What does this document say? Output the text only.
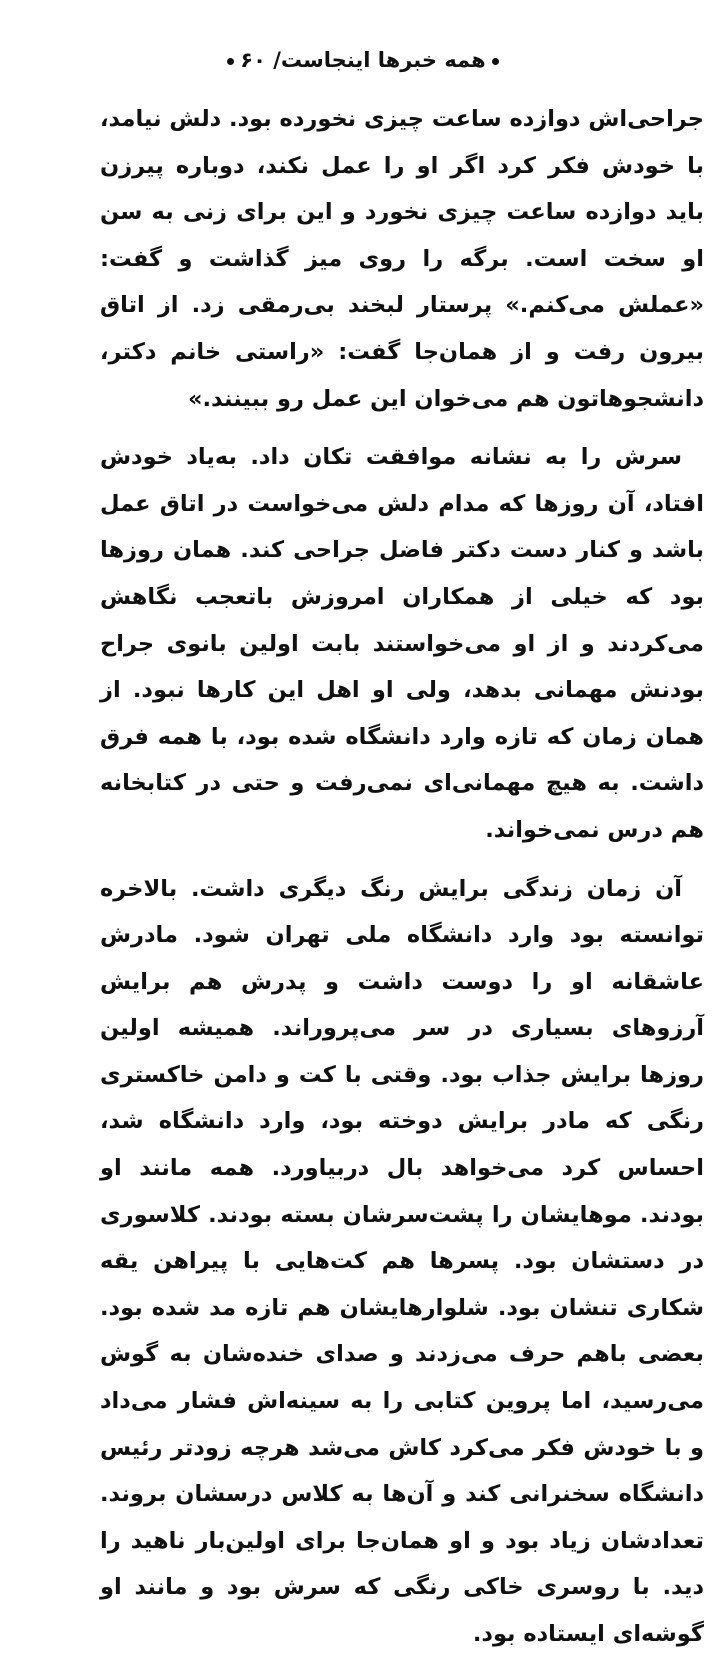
همه خبرها اینجاست/ ۶۰

جراحی‌اش دوازده ساعت چیزی نخورده بود. دلش نیامد، با خودش فکر کرد اگر او را عمل نکند، دوباره پیرزن باید دوازده ساعت چیزی نخورد و این برای زنی به سن او سخت است. برگه را روی میز گذاشت و گفت: «عملش می‌کنم.» پرستار لبخند بی‌رمقی زد. از اتاق بیرون رفت و از همان‌جا گفت: «راستی خانم دکتر، دانشجوهاتون هم می‌خوان این عمل رو ببینند.»

سرش را به نشانه موافقت تکان داد. به‌یاد خودش افتاد، آن روزها که مدام دلش می‌خواست در اتاق عمل باشد و کنار دست دکتر فاضل جراحی کند. همان روزها بود که خیلی از همکاران امروزش باتعجب نگاهش می‌کردند و از او می‌خواستند بابت اولین بانوی جراح بودنش مهمانی بدهد، ولی او اهل این کارها نبود. از همان زمان که تازه وارد دانشگاه شده بود، با همه فرق داشت. به هیچ مهمانی‌ای نمی‌رفت و حتی در کتابخانه هم درس نمی‌خواند.

آن زمان زندگی برایش رنگ دیگری داشت. بالاخره توانسته بود وارد دانشگاه ملی تهران شود. مادرش عاشقانه او را دوست داشت و پدرش هم برایش آرزوهای بسیاری در سر می‌پروراند. همیشه اولین روزها برایش جذاب بود. وقتی با کت و دامن خاکستری رنگی که مادر برایش دوخته بود، وارد دانشگاه شد، احساس کرد می‌خواهد بال دربیاورد. همه مانند او بودند. موهایشان را پشت‌سرشان بسته بودند. کلاسوری در دستشان بود. پسرها هم کت‌هایی با پیراهن یقه شکاری تنشان بود. شلوارهایشان هم تازه مد شده بود. بعضی باهم حرف می‌زدند و صدای خنده‌شان به گوش می‌رسید، اما پروین کتابی را به سینه‌اش فشار می‌داد و با خودش فکر می‌کرد کاش می‌شد هرچه زودتر رئیس دانشگاه سخنرانی کند و آن‌ها به کلاس درسشان بروند. تعدادشان زیاد بود و او همان‌جا برای اولین‌بار ناهید را دید. با روسری خاکی رنگی که سرش بود و مانند او گوشه‌ای ایستاده بود.
